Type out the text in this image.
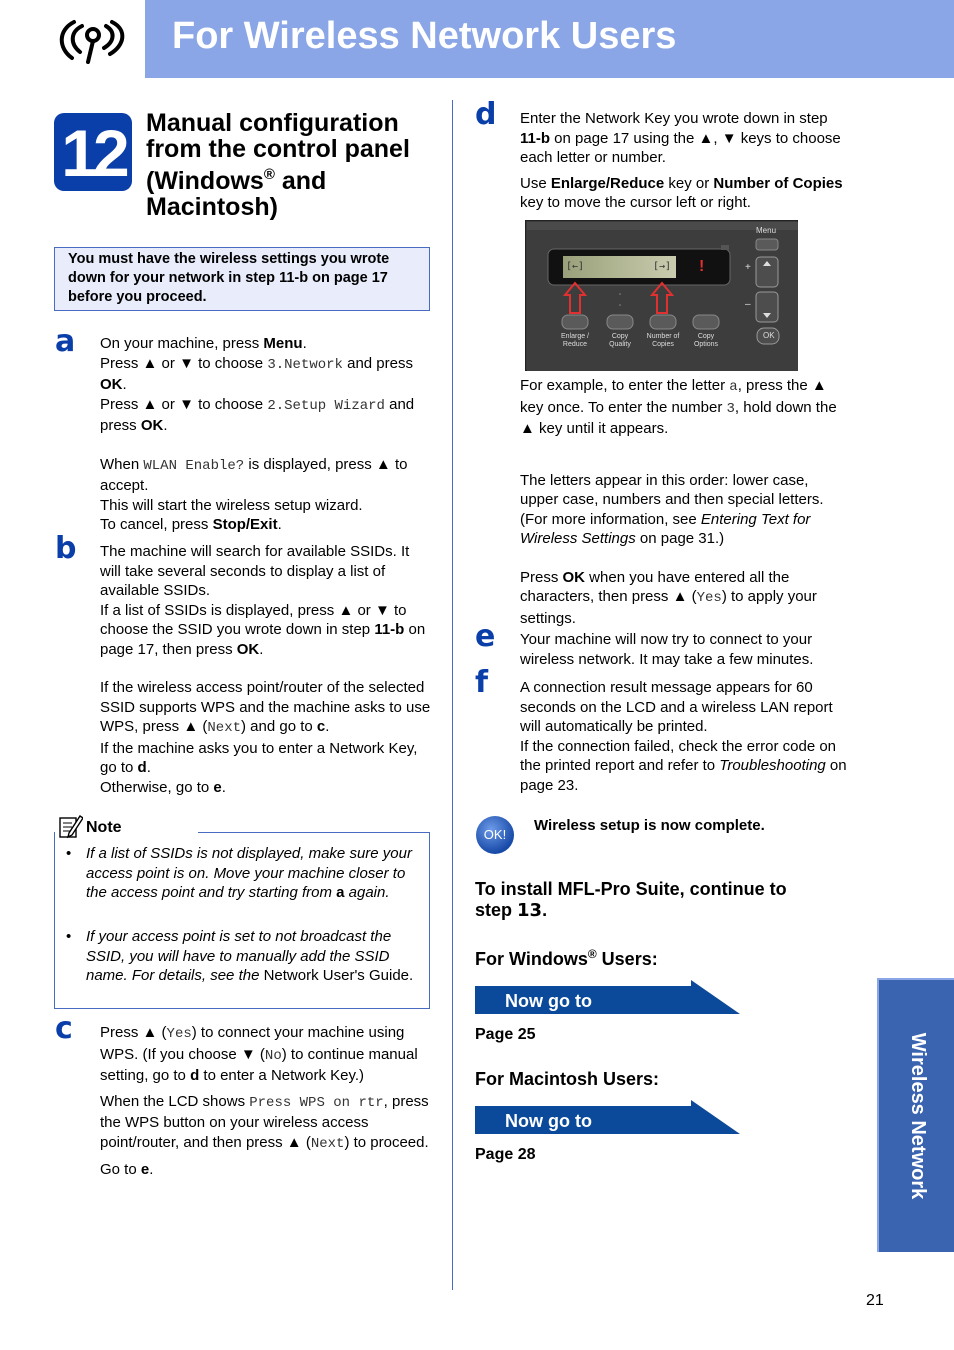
For Wireless Network Users
12 Manual configuration
from the control panel
(Windows® and
Macintosh)
You must have the wireless settings you wrote down for your network in step 11-b on page 17 before you proceed.
a On your machine, press Menu.
Press ▲ or ▼ to choose 3.Network and press OK.
Press ▲ or ▼ to choose 2.Setup Wizard and press OK.
When WLAN Enable? is displayed, press ▲ to accept.
This will start the wireless setup wizard.
To cancel, press Stop/Exit.
b The machine will search for available SSIDs. It will take several seconds to display a list of available SSIDs.
If a list of SSIDs is displayed, press ▲ or ▼ to choose the SSID you wrote down in step 11-b on page 17, then press OK.
If the wireless access point/router of the selected SSID supports WPS and the machine asks to use WPS, press ▲ (Next) and go to c.
If the machine asks you to enter a Network Key, go to d.
Otherwise, go to e.
Note
• If a list of SSIDs is not displayed, make sure your access point is on. Move your machine closer to the access point and try starting from a again.
• If your access point is set to not broadcast the SSID, you will have to manually add the SSID name. For details, see the Network User's Guide.
c Press ▲ (Yes) to connect your machine using WPS. (If you choose ▼ (No) to continue manual setting, go to d to enter a Network Key.)
When the LCD shows Press WPS on rtr, press the WPS button on your wireless access point/router, and then press ▲ (Next) to proceed.
Go to e.
d Enter the Network Key you wrote down in step 11-b on page 17 using the ▲, ▼ keys to choose each letter or number.
Use Enlarge/Reduce key or Number of Copies key to move the cursor left or right.
Menu
OK
+
–
!
[←]	[→]
Enlarge / Reduce
Copy Quality
Number of Copies
Copy Options
For example, to enter the letter a, press the ▲ key once. To enter the number 3, hold down the ▲ key until it appears.
The letters appear in this order: lower case, upper case, numbers and then special letters. (For more information, see Entering Text for Wireless Settings on page 31.)
Press OK when you have entered all the characters, then press ▲ (Yes) to apply your settings.
e Your machine will now try to connect to your wireless network. It may take a few minutes.
f A connection result message appears for 60 seconds on the LCD and a wireless LAN report will automatically be printed.
If the connection failed, check the error code on the printed report and refer to Troubleshooting on page 23.
OK!
Wireless setup is now complete.
To install MFL-Pro Suite, continue to
step 13.
For Windows® Users:
Now go to
Page 25
For Macintosh Users:
Now go to
Page 28	Wireless Network
21
